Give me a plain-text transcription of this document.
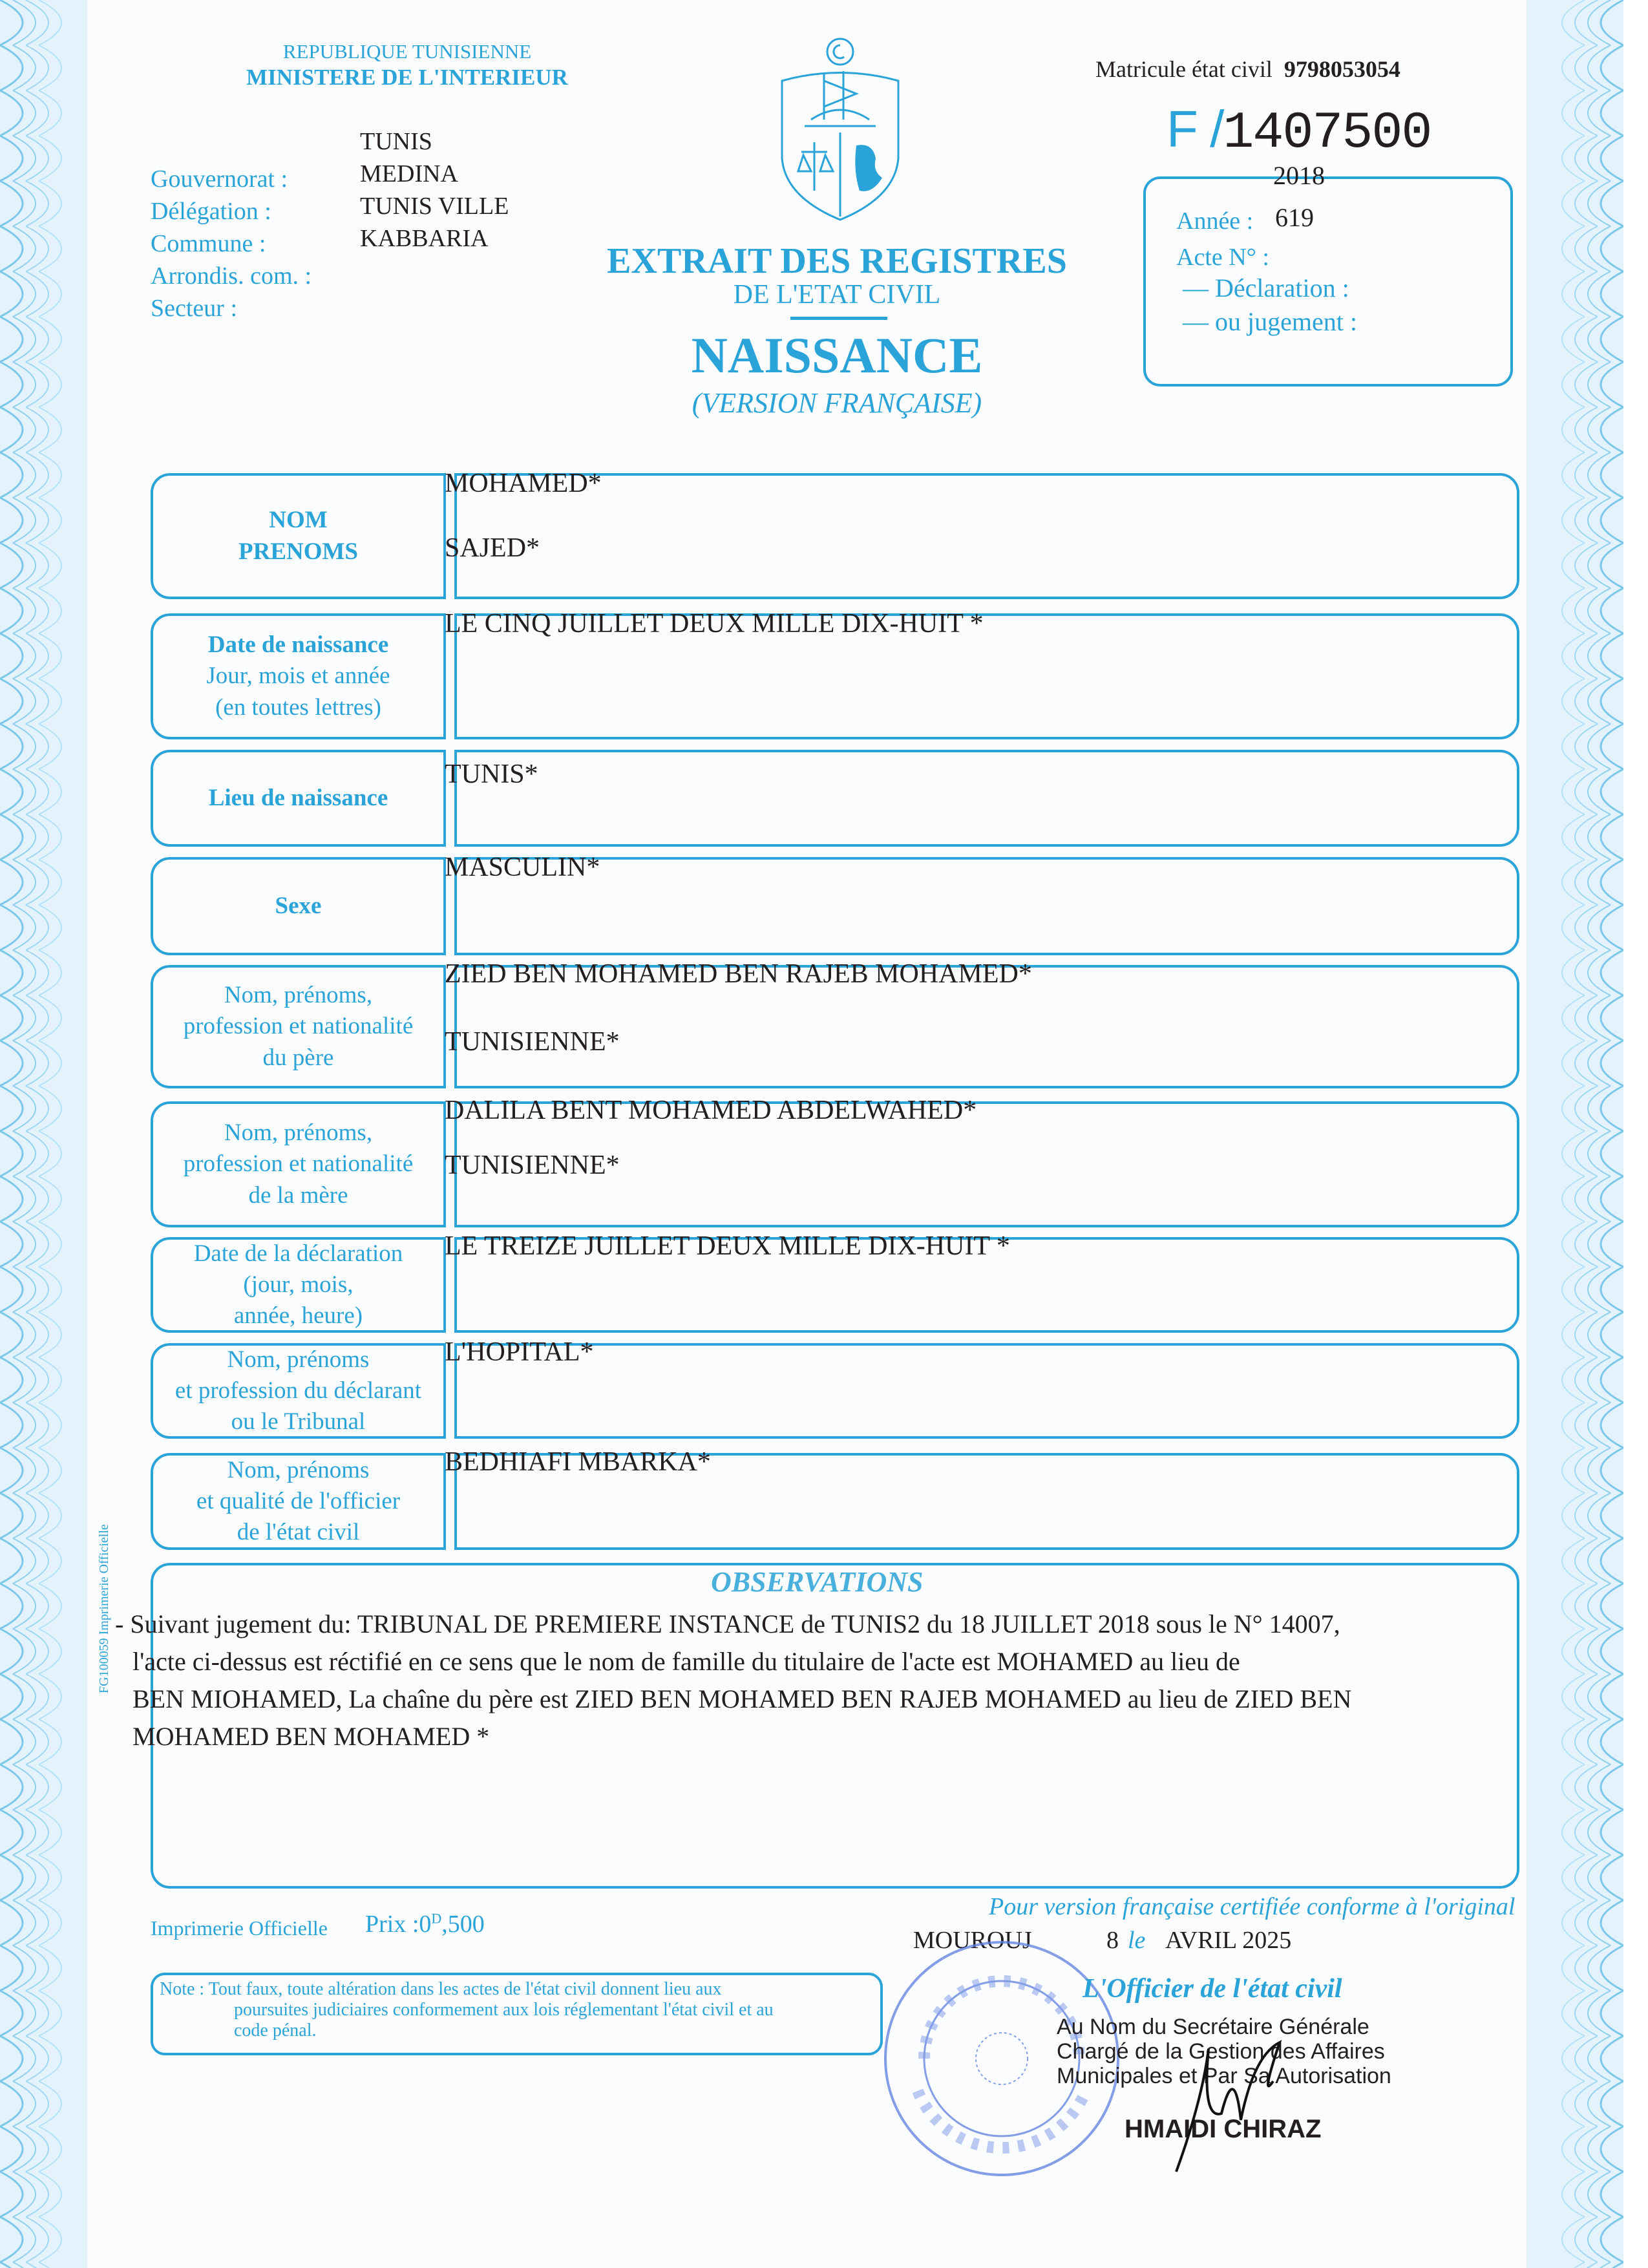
REPUBLIQUE TUNISIENNE
MINISTERE DE L'INTERIEUR
Gouvernorat :
Délégation :
Commune :
Arrondis. com. :
Secteur :
TUNIS
MEDINA
TUNIS VILLE
KABBARIA
Matricule état civil 9798053054
F /1407500
2018
Année : 619
Acte N° :
— Déclaration :
— ou jugement :
EXTRAIT DES REGISTRES
DE L'ETAT CIVIL
NAISSANCE
(VERSION FRANÇAISE)
NOM
PRENOMS
MOHAMED*
SAJED*
Date de naissance
Jour, mois et année
(en toutes lettres)
LE CINQ JUILLET DEUX MILLE DIX-HUIT *
Lieu de naissance
TUNIS*
Sexe
MASCULIN*
Nom, prénoms,
profession et nationalité
du père
ZIED BEN MOHAMED BEN RAJEB MOHAMED*
TUNISIENNE*
Nom, prénoms,
profession et nationalité
de la mère
DALILA BENT MOHAMED ABDELWAHED*
TUNISIENNE*
Date de la déclaration
(jour, mois,
année, heure)
LE TREIZE JUILLET DEUX MILLE DIX-HUIT *
Nom, prénoms
et profession du déclarant
ou le Tribunal
L'HOPITAL*
Nom, prénoms
et qualité de l'officier
de l'état civil
BEDHIAFI MBARKA*
OBSERVATIONS
- Suivant jugement du: TRIBUNAL DE PREMIERE INSTANCE de TUNIS2 du 18 JUILLET 2018 sous le N° 14007,
l'acte ci-dessus est réctifié en ce sens que le nom de famille du titulaire de l'acte est MOHAMED au lieu de
BEN MIOHAMED, La chaîne du père est ZIED BEN MOHAMED BEN RAJEB MOHAMED au lieu de ZIED BEN
MOHAMED BEN MOHAMED *
FG100059 Imprimerie Officielle
Imprimerie Officielle Prix $:0^D,500$
Pour version française certifiée conforme à l'original
MOUROUJ	8 le AVRIL 2025
L'Officier de l'état civil
Au Nom du Secrétaire Générale
Chargé de la Gestion des Affaires
Municipales et Par Sa Autorisation
HMAIDI CHIRAZ
Note : Tout faux, toute altération dans les actes de l'état civil donnent lieu aux
poursuites judiciaires conformement aux lois réglementant l'état civil et au
code pénal.
